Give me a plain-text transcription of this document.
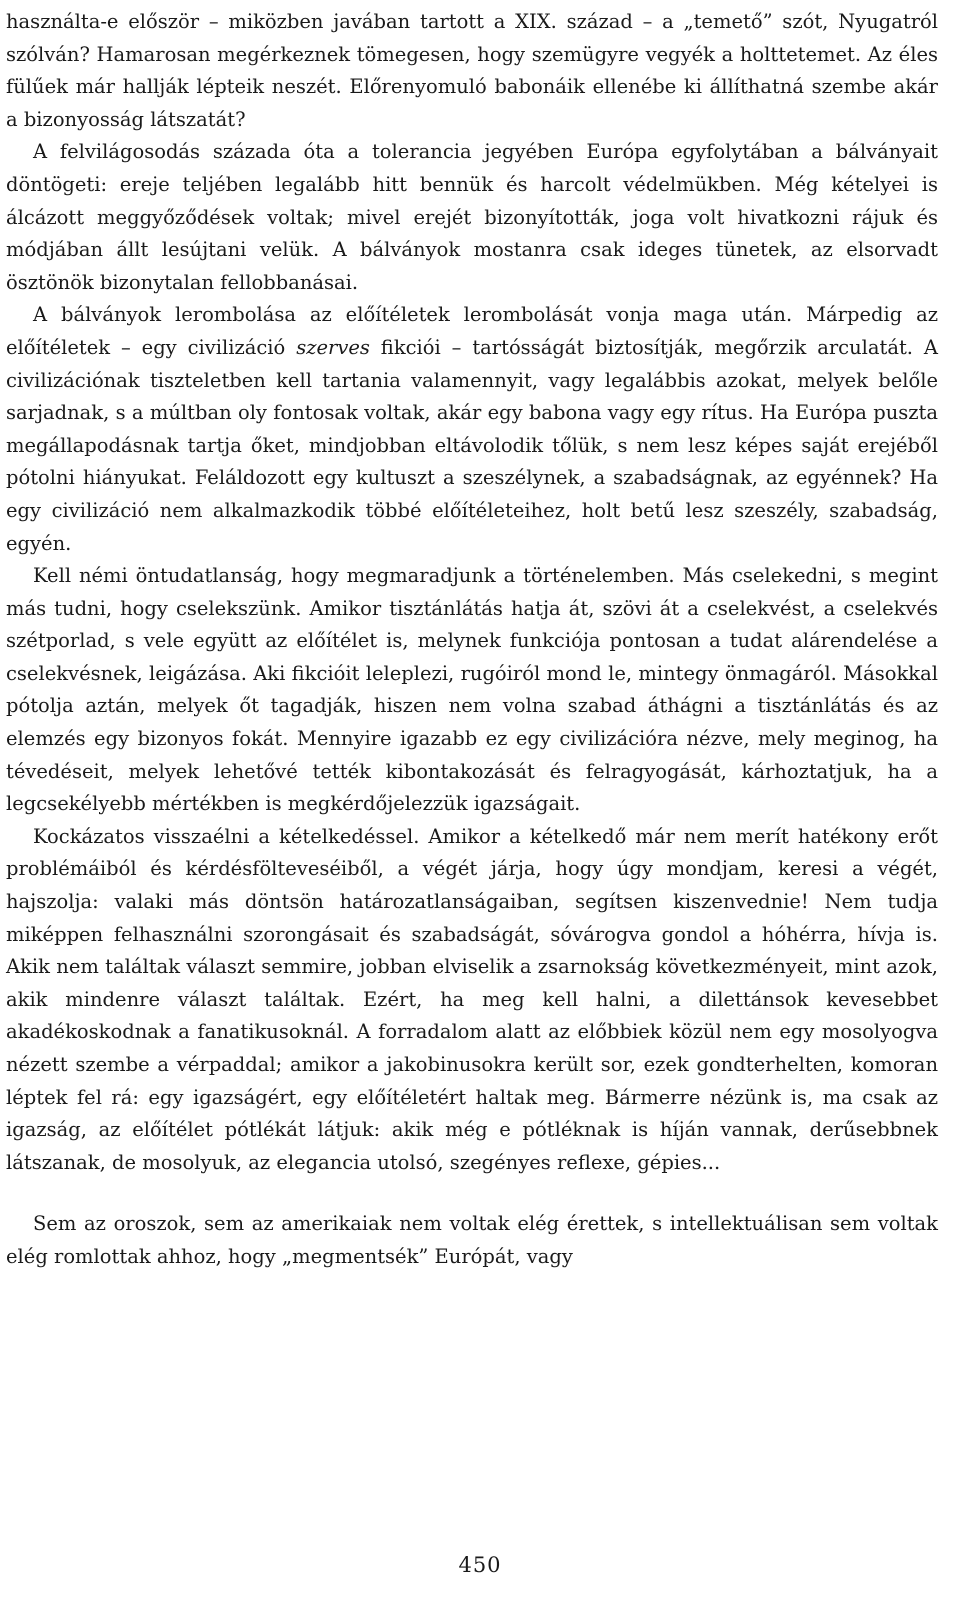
használta-e először – miközben javában tartott a XIX. század – a „temető” szót, Nyugatról szólván? Hamarosan megérkeznek tömegesen, hogy szemügyre vegyék a holttetemet. Az éles fülűek már hallják lépteik neszét. Előrenyomuló babonáik ellenébe ki állíthatná szembe akár a bizonyosság látszatát?

A felvilágosodás százada óta a tolerancia jegyében Európa egyfolytában a bálványait döntögeti: ereje teljében legalább hitt bennük és harcolt védelmükben. Még kételyei is álcázott meggyőződések voltak; mivel erejét bizonyították, joga volt hivatkozni rájuk és módjában állt lesújtani velük. A bálványok mostanra csak ideges tünetek, az elsorvadt ösztönök bizonytalan fellobbanásai.

A bálványok lerombolása az előítéletek lerombolását vonja maga után. Márpedig az előítéletek – egy civilizáció szerves fikciói – tartósságát biztosítják, megőrzik arculatát. A civilizációnak tiszteletben kell tartania valamennyit, vagy legalábbis azokat, melyek belőle sarjadnak, s a múltban oly fontosak voltak, akár egy babona vagy egy rítus. Ha Európa puszta megállapodásnak tartja őket, mindjobban eltávolodik tőlük, s nem lesz képes saját erejéből pótolni hiányukat. Feláldozott egy kultuszt a szeszélynek, a szabadságnak, az egyénnek? Ha egy civilizáció nem alkalmazkodik többé előítéleteihez, holt betű lesz szeszély, szabadság, egyén.

Kell némi öntudatlanság, hogy megmaradjunk a történelemben. Más cselekedni, s megint más tudni, hogy cselekszünk. Amikor tisztánlátás hatja át, szövi át a cselekvést, a cselekvés szétporlad, s vele együtt az előítélet is, melynek funkciója pontosan a tudat alárendelése a cselekvésnek, leigázása. Aki fikcióit leleplezi, rugóiról mond le, mintegy önmagáról. Másokkal pótolja aztán, melyek őt tagadják, hiszen nem volna szabad áthágni a tisztánlátás és az elemzés egy bizonyos fokát. Mennyire igazabb ez egy civilizációra nézve, mely meginog, ha tévedéseit, melyek lehetővé tették kibontakozását és felragyogását, kárhoztatjuk, ha a legcsekélyebb mértékben is megkérdőjelezzük igazságait.

Kockázatos visszaélni a kételkedéssel. Amikor a kételkedő már nem merít hatékony erőt problémáiból és kérdésfölteveséiből, a végét járja, hogy úgy mondjam, keresi a végét, hajszolja: valaki más döntsön határozatlanságaiban, segítsen kiszenvednie! Nem tudja miképpen felhasználni szorongásait és szabadságát, sóvárogva gondol a hóhérra, hívja is. Akik nem találtak választ semmire, jobban elviselik a zsarnokság következményeit, mint azok, akik mindenre választ találtak. Ezért, ha meg kell halni, a dilettánsok kevesebbet akadékoskodnak a fanatikusoknál. A forradalom alatt az előbbiek közül nem egy mosolyogva nézett szembe a vérpaddal; amikor a jakobinusokra került sor, ezek gondterhelten, komoran léptek fel rá: egy igazságért, egy előítéletért haltak meg. Bármerre nézünk is, ma csak az igazság, az előítélet pótlékát látjuk: akik még e pótléknak is híján vannak, derűsebbnek látszanak, de mosolyuk, az elegancia utolsó, szegényes reflexe, gépies...

Sem az oroszok, sem az amerikaiak nem voltak elég érettek, s intellektuálisan sem voltak elég romlottak ahhoz, hogy „megmentsék” Európát, vagy

450
